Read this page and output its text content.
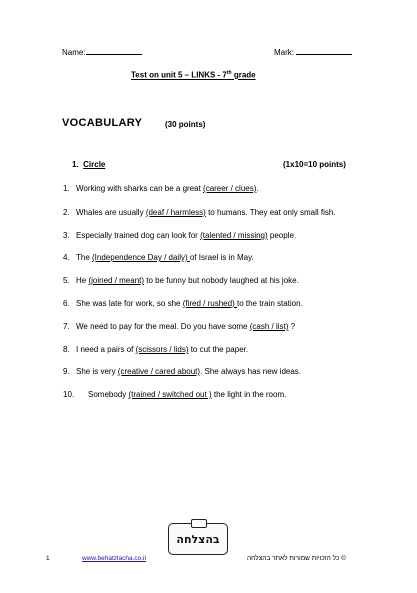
Name:	Mark:
Test on unit 5 – LINKS - 7th grade
VOCABULARY	(30 points)
1. Circle	(1x10=10 points)
1. Working with sharks can be a great (career / clues).
2. Whales are usually (deaf / harmless) to humans. They eat only small fish.
3. Especially trained dog can look for (talented / missing) people.
4. The (Independence Day / daily) of Israel is in May.
5. He (joined / meant) to be funny but nobody laughed at his joke.
6. She was late for work, so she (fired / rushed) to the train station.
7. We need to pay for the meal. Do you have some (cash / list) ?
8. I need a pairs of (scissors / lids) to cut the paper.
9. She is very (creative / cared about). She always has new ideas.
10. Somebody (trained / switched out ) the light in the room.
בהצלחה
1	www.behatzlacha.co.il	© כל הזכויות שמורות לאתר בהצלחה
